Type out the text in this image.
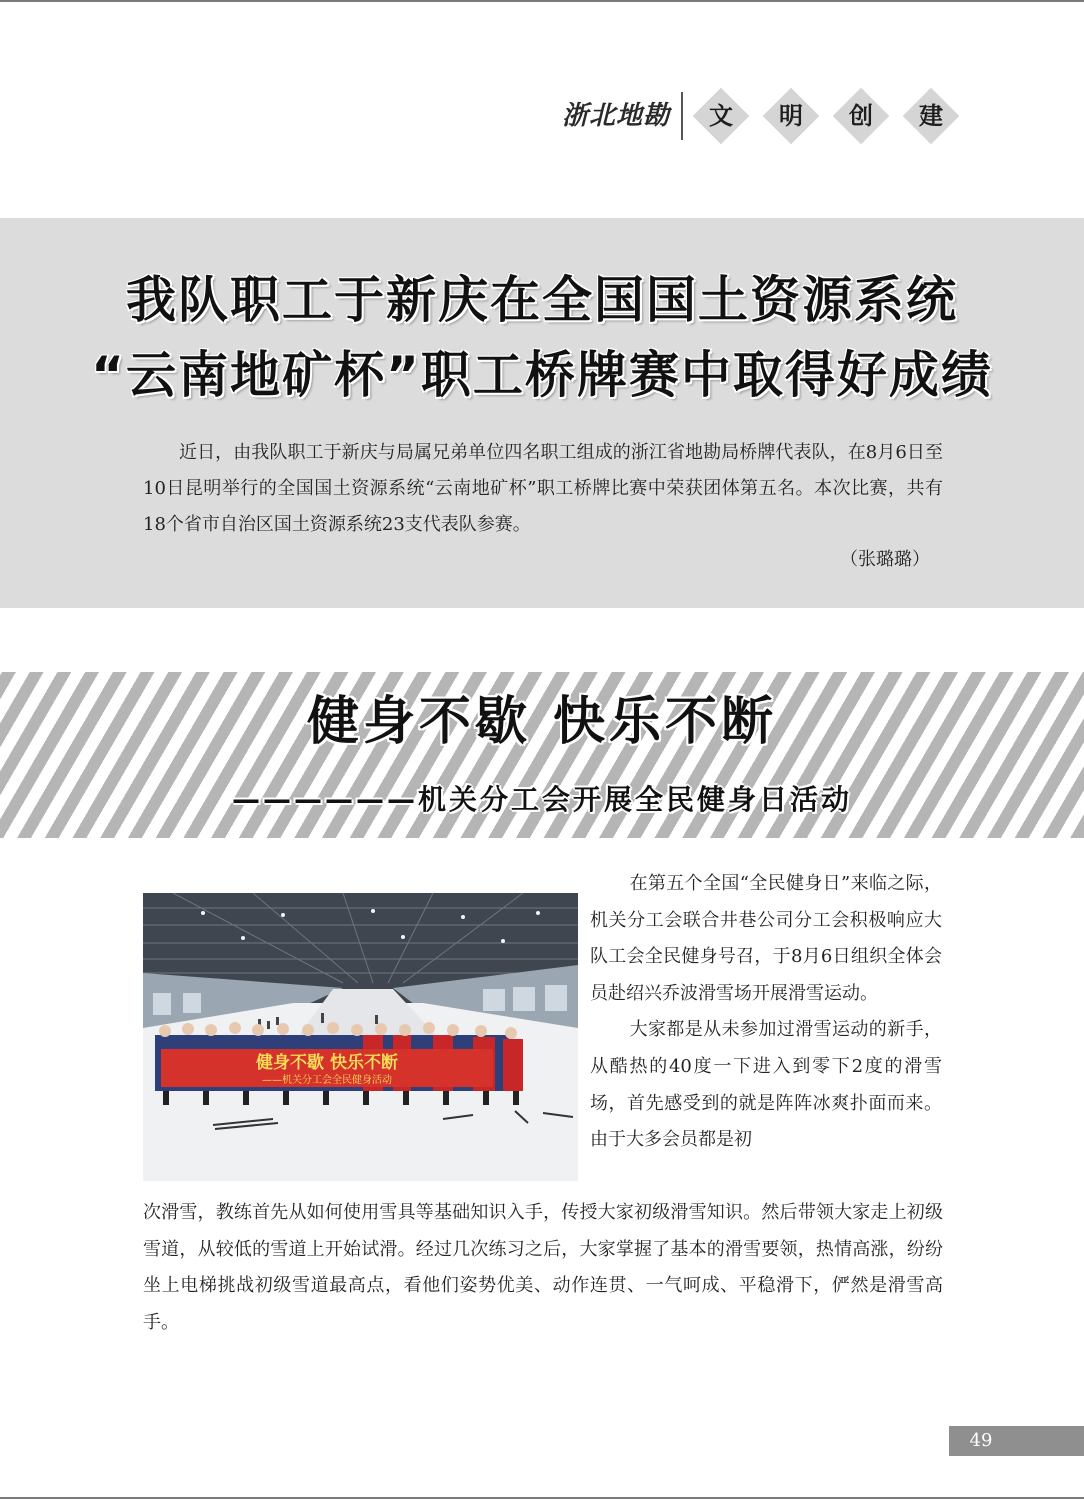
浙北地勘	文	明	创	建
我队职工于新庆在全国国土资源系统
“云南地矿杯”职工桥牌赛中取得好成绩

近日，由我队职工于新庆与局属兄弟单位四名职工组成的浙江省地勘局桥牌代表队，在8月6日至10日昆明举行的全国国土资源系统“云南地矿杯”职工桥牌比赛中荣获团体第五名。本次比赛，共有18个省市自治区国土资源系统23支代表队参赛。

（张璐璐）
健身不歇 快乐不断
——————机关分工会开展全民健身日活动
健身不歇 快乐不断
——机关分工会全民健身活动

在第五个全国“全民健身日”来临之际，机关分工会联合井巷公司分工会积极响应大队工会全民健身号召，于8月6日组织全体会员赴绍兴乔波滑雪场开展滑雪运动。

大家都是从未参加过滑雪运动的新手，从酷热的40度一下进入到零下2度的滑雪场，首先感受到的就是阵阵冰爽扑面而来。由于大多会员都是初

次滑雪，教练首先从如何使用雪具等基础知识入手，传授大家初级滑雪知识。然后带领大家走上初级雪道，从较低的雪道上开始试滑。经过几次练习之后，大家掌握了基本的滑雪要领，热情高涨，纷纷坐上电梯挑战初级雪道最高点，看他们姿势优美、动作连贯、一气呵成、平稳滑下，俨然是滑雪高手。

49
